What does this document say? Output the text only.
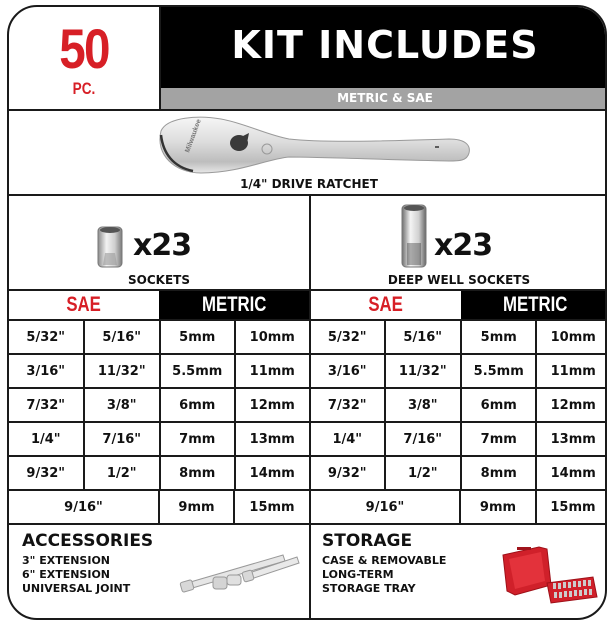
50
PC.
KIT INCLUDES
METRIC & SAE
Milwaukee
1/4" DRIVE RATCHET
x23
SOCKETS
x23
DEEP WELL SOCKETS
SAE	METRIC
5/32"	5/16"	5mm	10mm
3/16"	11/32"	5.5mm	11mm
7/32"	3/8"	6mm	12mm
1/4"	7/16"	7mm	13mm
9/32"	1/2"	8mm	14mm
9/16"	9mm	15mm
SAE	METRIC
5/32"	5/16"	5mm	10mm
3/16"	11/32"	5.5mm	11mm
7/32"	3/8"	6mm	12mm
1/4"	7/16"	7mm	13mm
9/32"	1/2"	8mm	14mm
9/16"	9mm	15mm
ACCESSORIES
3" EXTENSION
6" EXTENSION
UNIVERSAL JOINT
STORAGE
CASE & REMOVABLE
LONG-TERM
STORAGE TRAY
